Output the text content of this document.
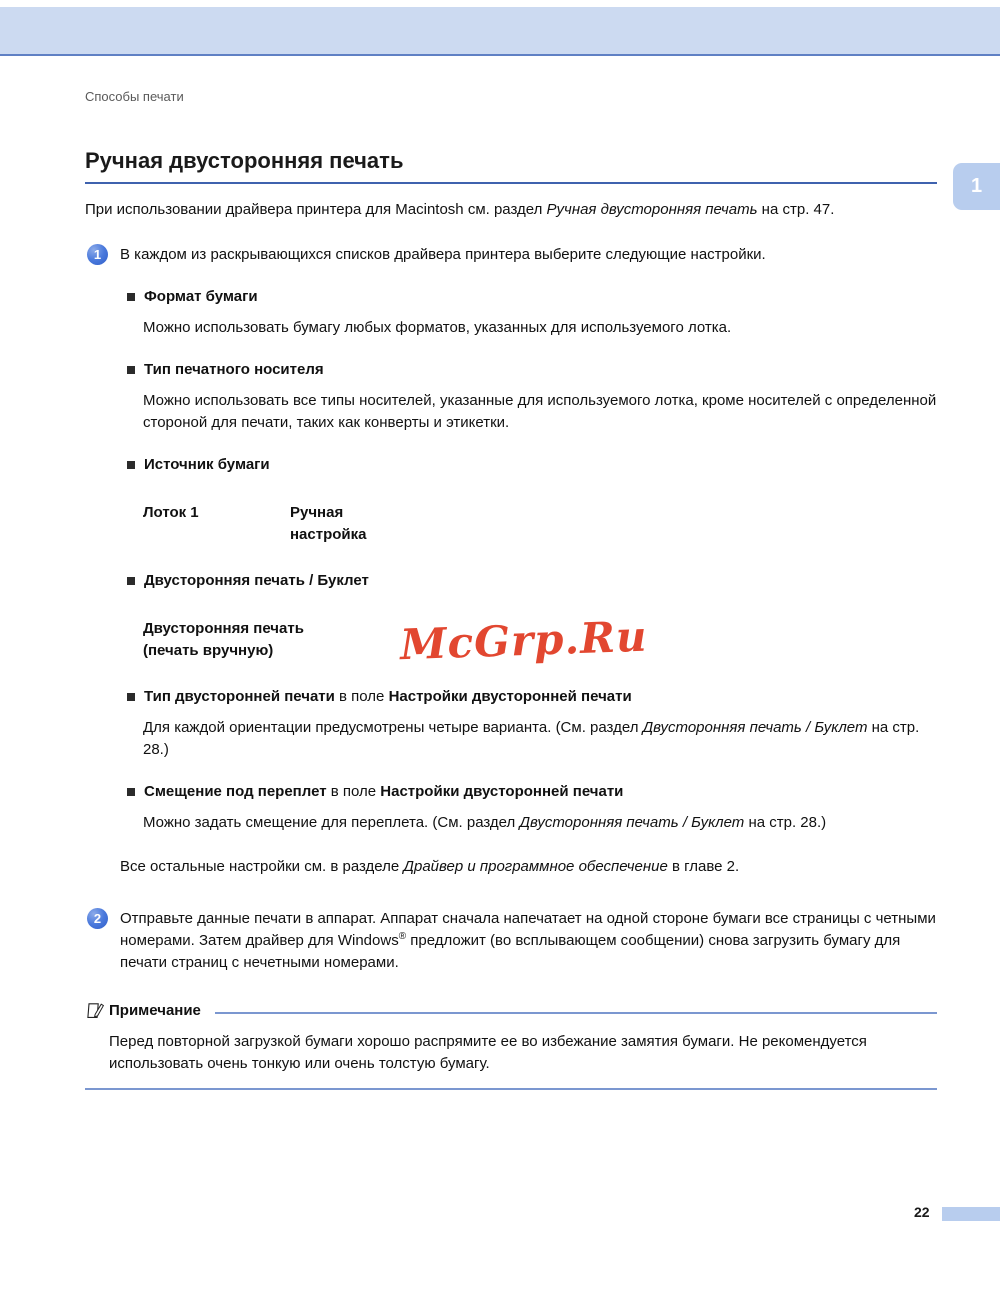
1
Способы печати
Ручная двусторонняя печать

При использовании драйвера принтера для Macintosh см. раздел Ручная двусторонняя печать на стр. 47.

1	В каждом из раскрывающихся списков драйвера принтера выберите следующие настройки.

Формат бумаги

Можно использовать бумагу любых форматов, указанных для используемого лотка.

Тип печатного носителя

Можно использовать все типы носителей, указанные для используемого лотка, кроме носителей с определенной стороной для печати, таких как конверты и этикетки.

Источник бумаги
Лоток 1	Ручная
настройка
Двусторонняя печать / Буклет
Двусторонняя печать
(печать вручную)
Тип двусторонней печати в поле Настройки двусторонней печати

Для каждой ориентации предусмотрены четыре варианта. (См. раздел Двусторонняя печать / Буклет на стр. 28.)

Смещение под переплет в поле Настройки двусторонней печати

Можно задать смещение для переплета. (См. раздел Двусторонняя печать / Буклет на стр. 28.)

Все остальные настройки см. в разделе Драйвер и программное обеспечение в главе 2.

2	Отправьте данные печати в аппарат. Аппарат сначала напечатает на одной стороне бумаги все страницы с четными номерами. Затем драйвер для Windows® предложит (во всплывающем сообщении) снова загрузить бумагу для печати страниц с нечетными номерами.

Примечание

Перед повторной загрузкой бумаги хорошо распрямите ее во избежание замятия бумаги. Не рекомендуется использовать очень тонкую или очень толстую бумагу.

McGrp.Ru
22
